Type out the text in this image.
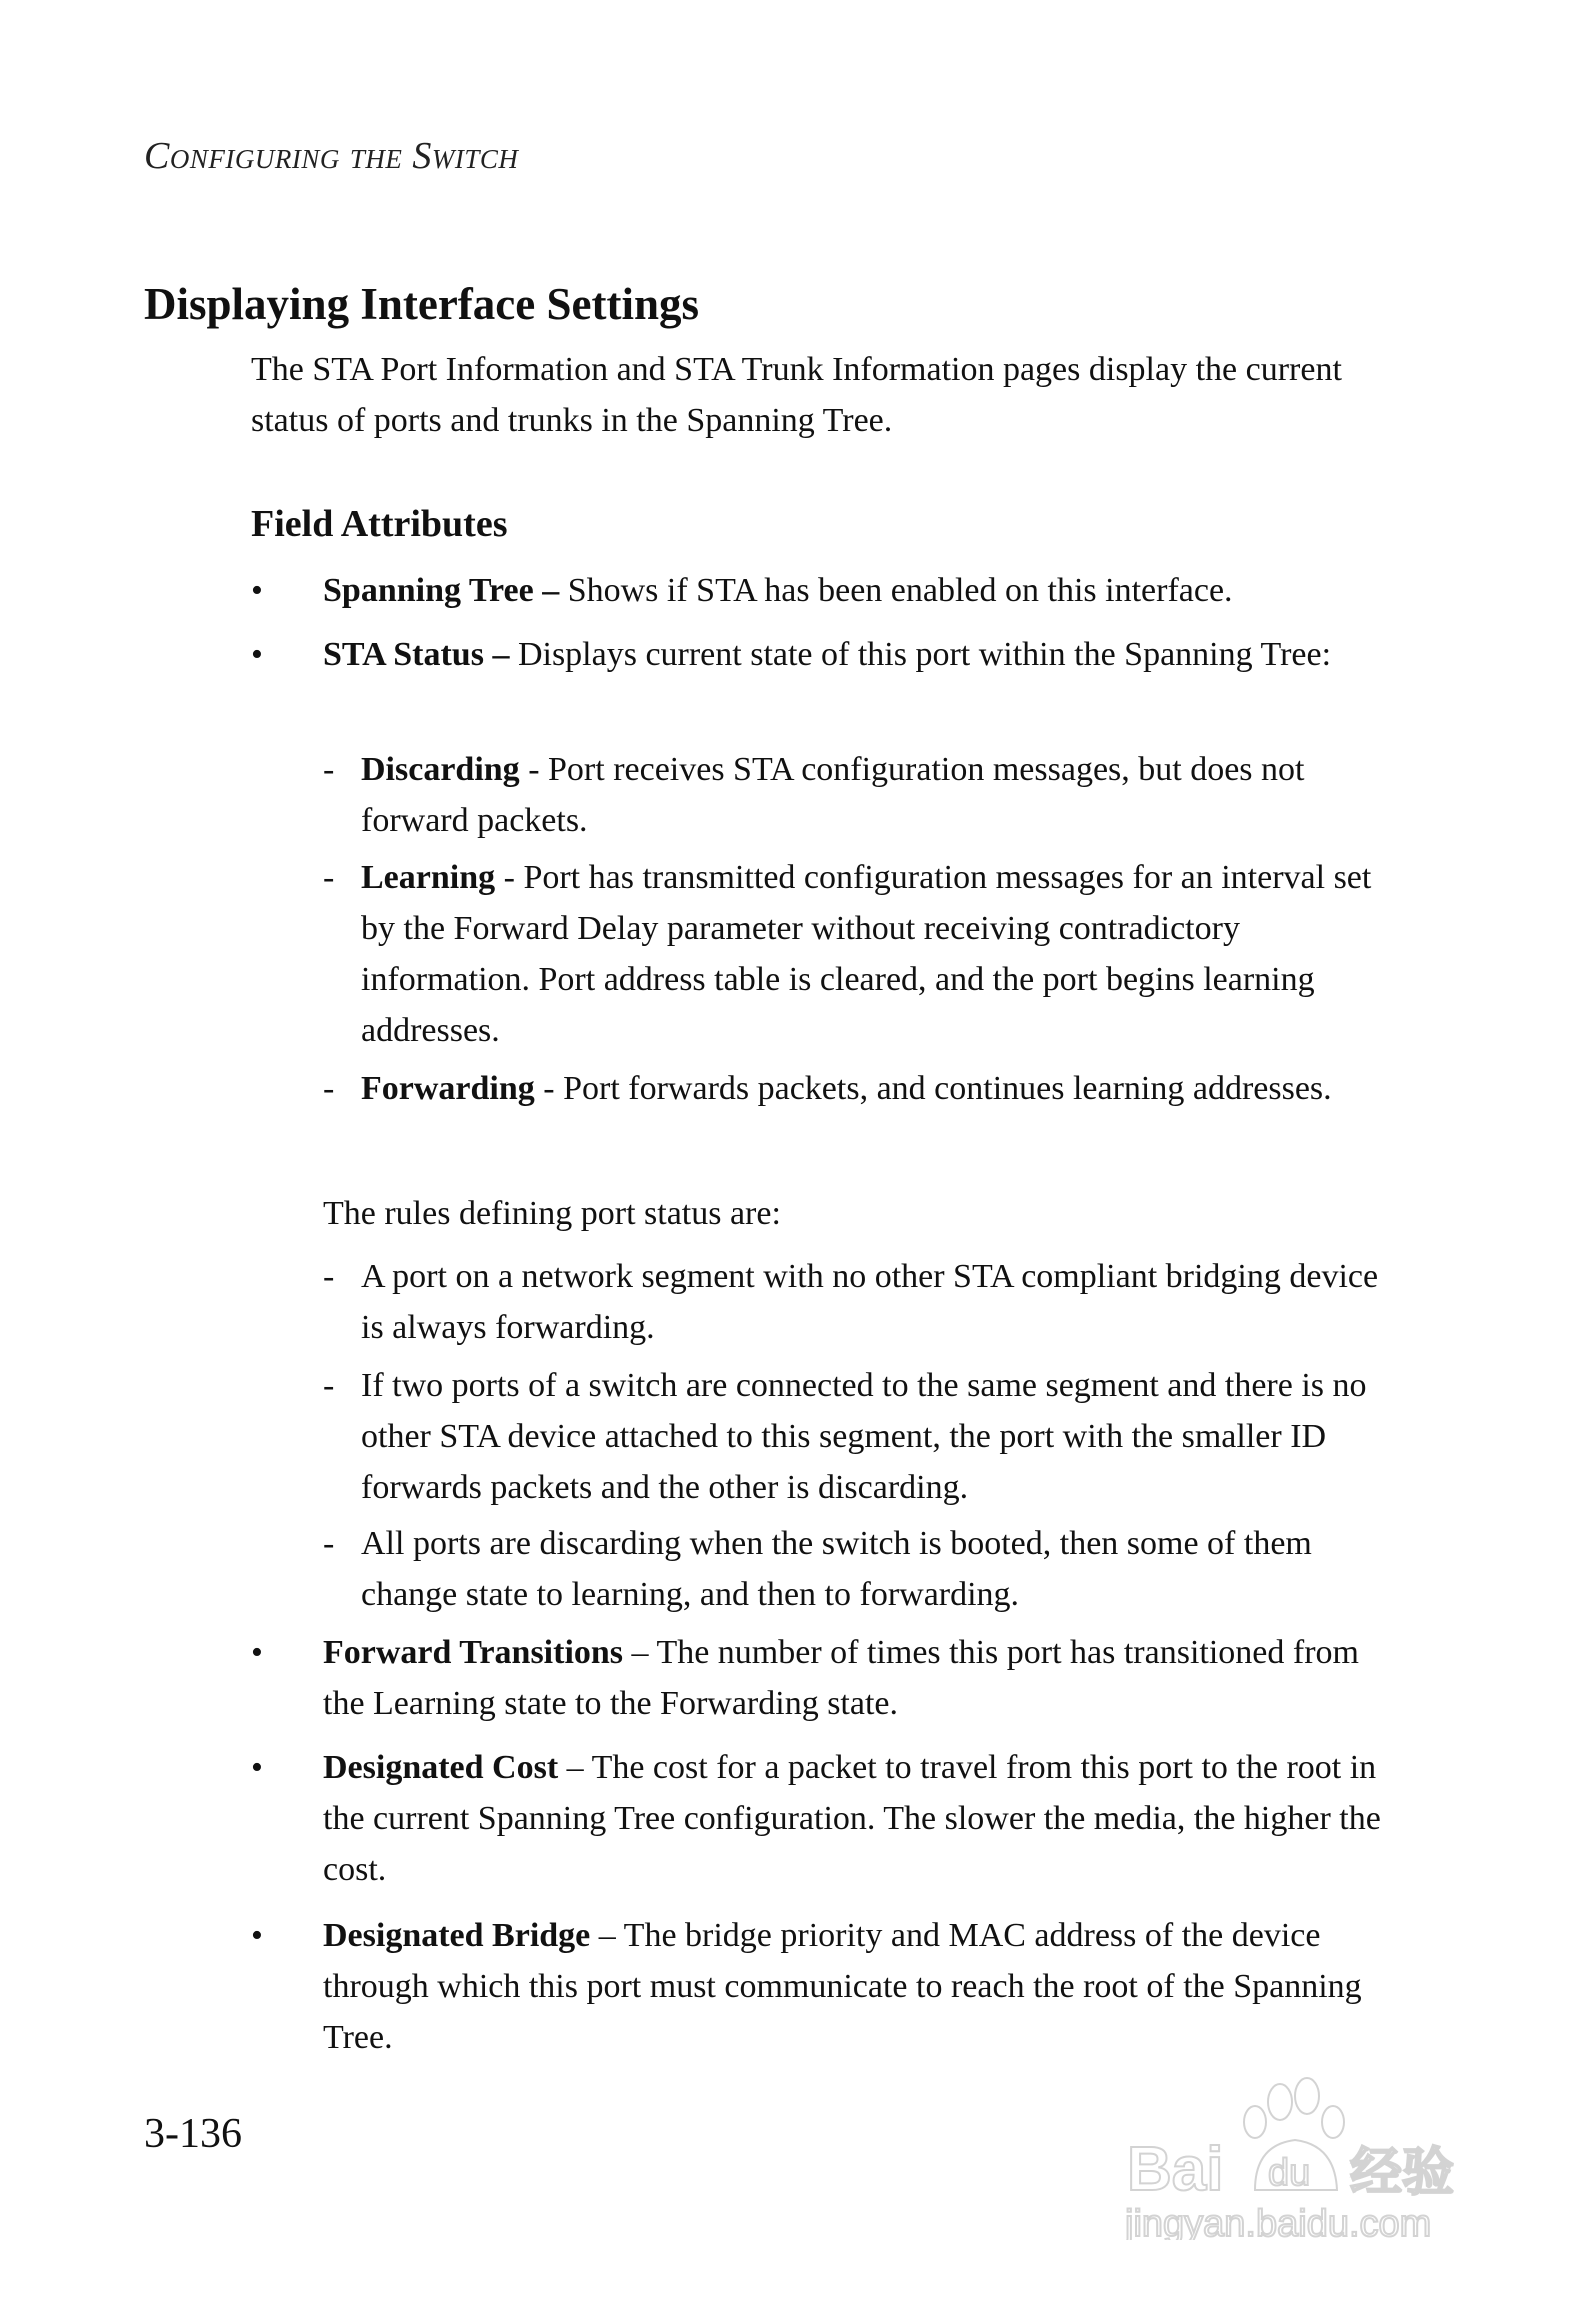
Configuring the Switch
Displaying Interface Settings
The STA Port Information and STA Trunk Information pages display the current status of ports and trunks in the Spanning Tree.
Field Attributes
• Spanning Tree – Shows if STA has been enabled on this interface.
• STA Status – Displays current state of this port within the Spanning Tree:
- Discarding - Port receives STA configuration messages, but does not forward packets.
- Learning - Port has transmitted configuration messages for an interval set by the Forward Delay parameter without receiving contradictory information. Port address table is cleared, and the port begins learning addresses.
- Forwarding - Port forwards packets, and continues learning addresses.
The rules defining port status are:
- A port on a network segment with no other STA compliant bridging device is always forwarding.
- If two ports of a switch are connected to the same segment and there is no other STA device attached to this segment, the port with the smaller ID forwards packets and the other is discarding.
- All ports are discarding when the switch is booted, then some of them change state to learning, and then to forwarding.
• Forward Transitions – The number of times this port has transitioned from the Learning state to the Forwarding state.
• Designated Cost – The cost for a packet to travel from this port to the root in the current Spanning Tree configuration. The slower the media, the higher the cost.
• Designated Bridge – The bridge priority and MAC address of the device through which this port must communicate to reach the root of the Spanning Tree.
3-136
Bai du 经验
jingyan.baidu.com
